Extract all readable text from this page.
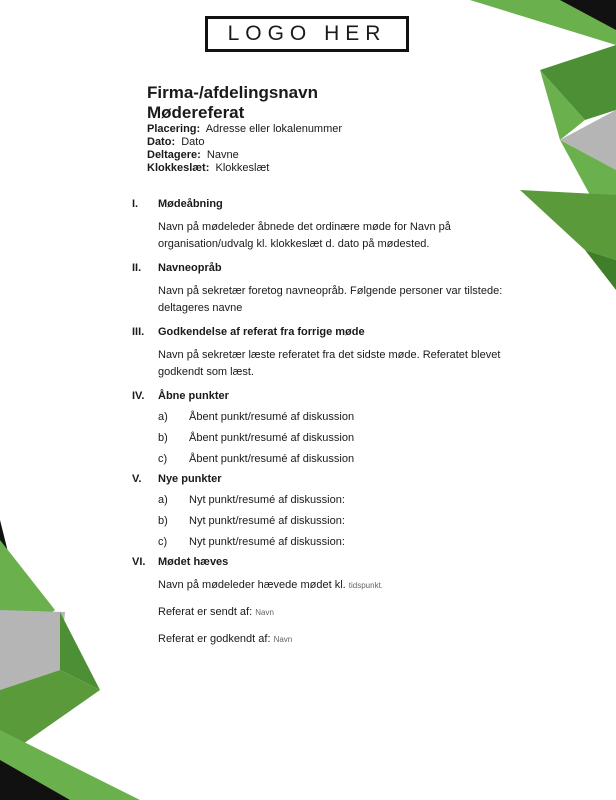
LOGO HER
Firma-/afdelingsnavn
Mødereferat
Placering: Adresse eller lokalenummer
Dato: Dato
Deltagere: Navne
Klokkeslæt: Klokkeslæt
I.	Mødeåbning
Navn på mødeleder åbnede det ordinære møde for Navn på organisation/udvalg kl. klokkeslæt d. dato på mødested.
II.	Navneopråb
Navn på sekretær foretog navneopråb. Følgende personer var tilstede: deltageres navne
III.	Godkendelse af referat fra forrige møde
Navn på sekretær læste referatet fra det sidste møde. Referatet blevet godkendt som læst.
IV.	Åbne punkter
a)	Åbent punkt/resumé af diskussion
b)	Åbent punkt/resumé af diskussion
c)	Åbent punkt/resumé af diskussion
V.	Nye punkter
a)	Nyt punkt/resumé af diskussion:
b)	Nyt punkt/resumé af diskussion:
c)	Nyt punkt/resumé af diskussion:
VI.	Mødet hæves
Navn på mødeleder hævede mødet kl. tidspunkt.
Referat er sendt af: Navn
Referat er godkendt af: Navn
